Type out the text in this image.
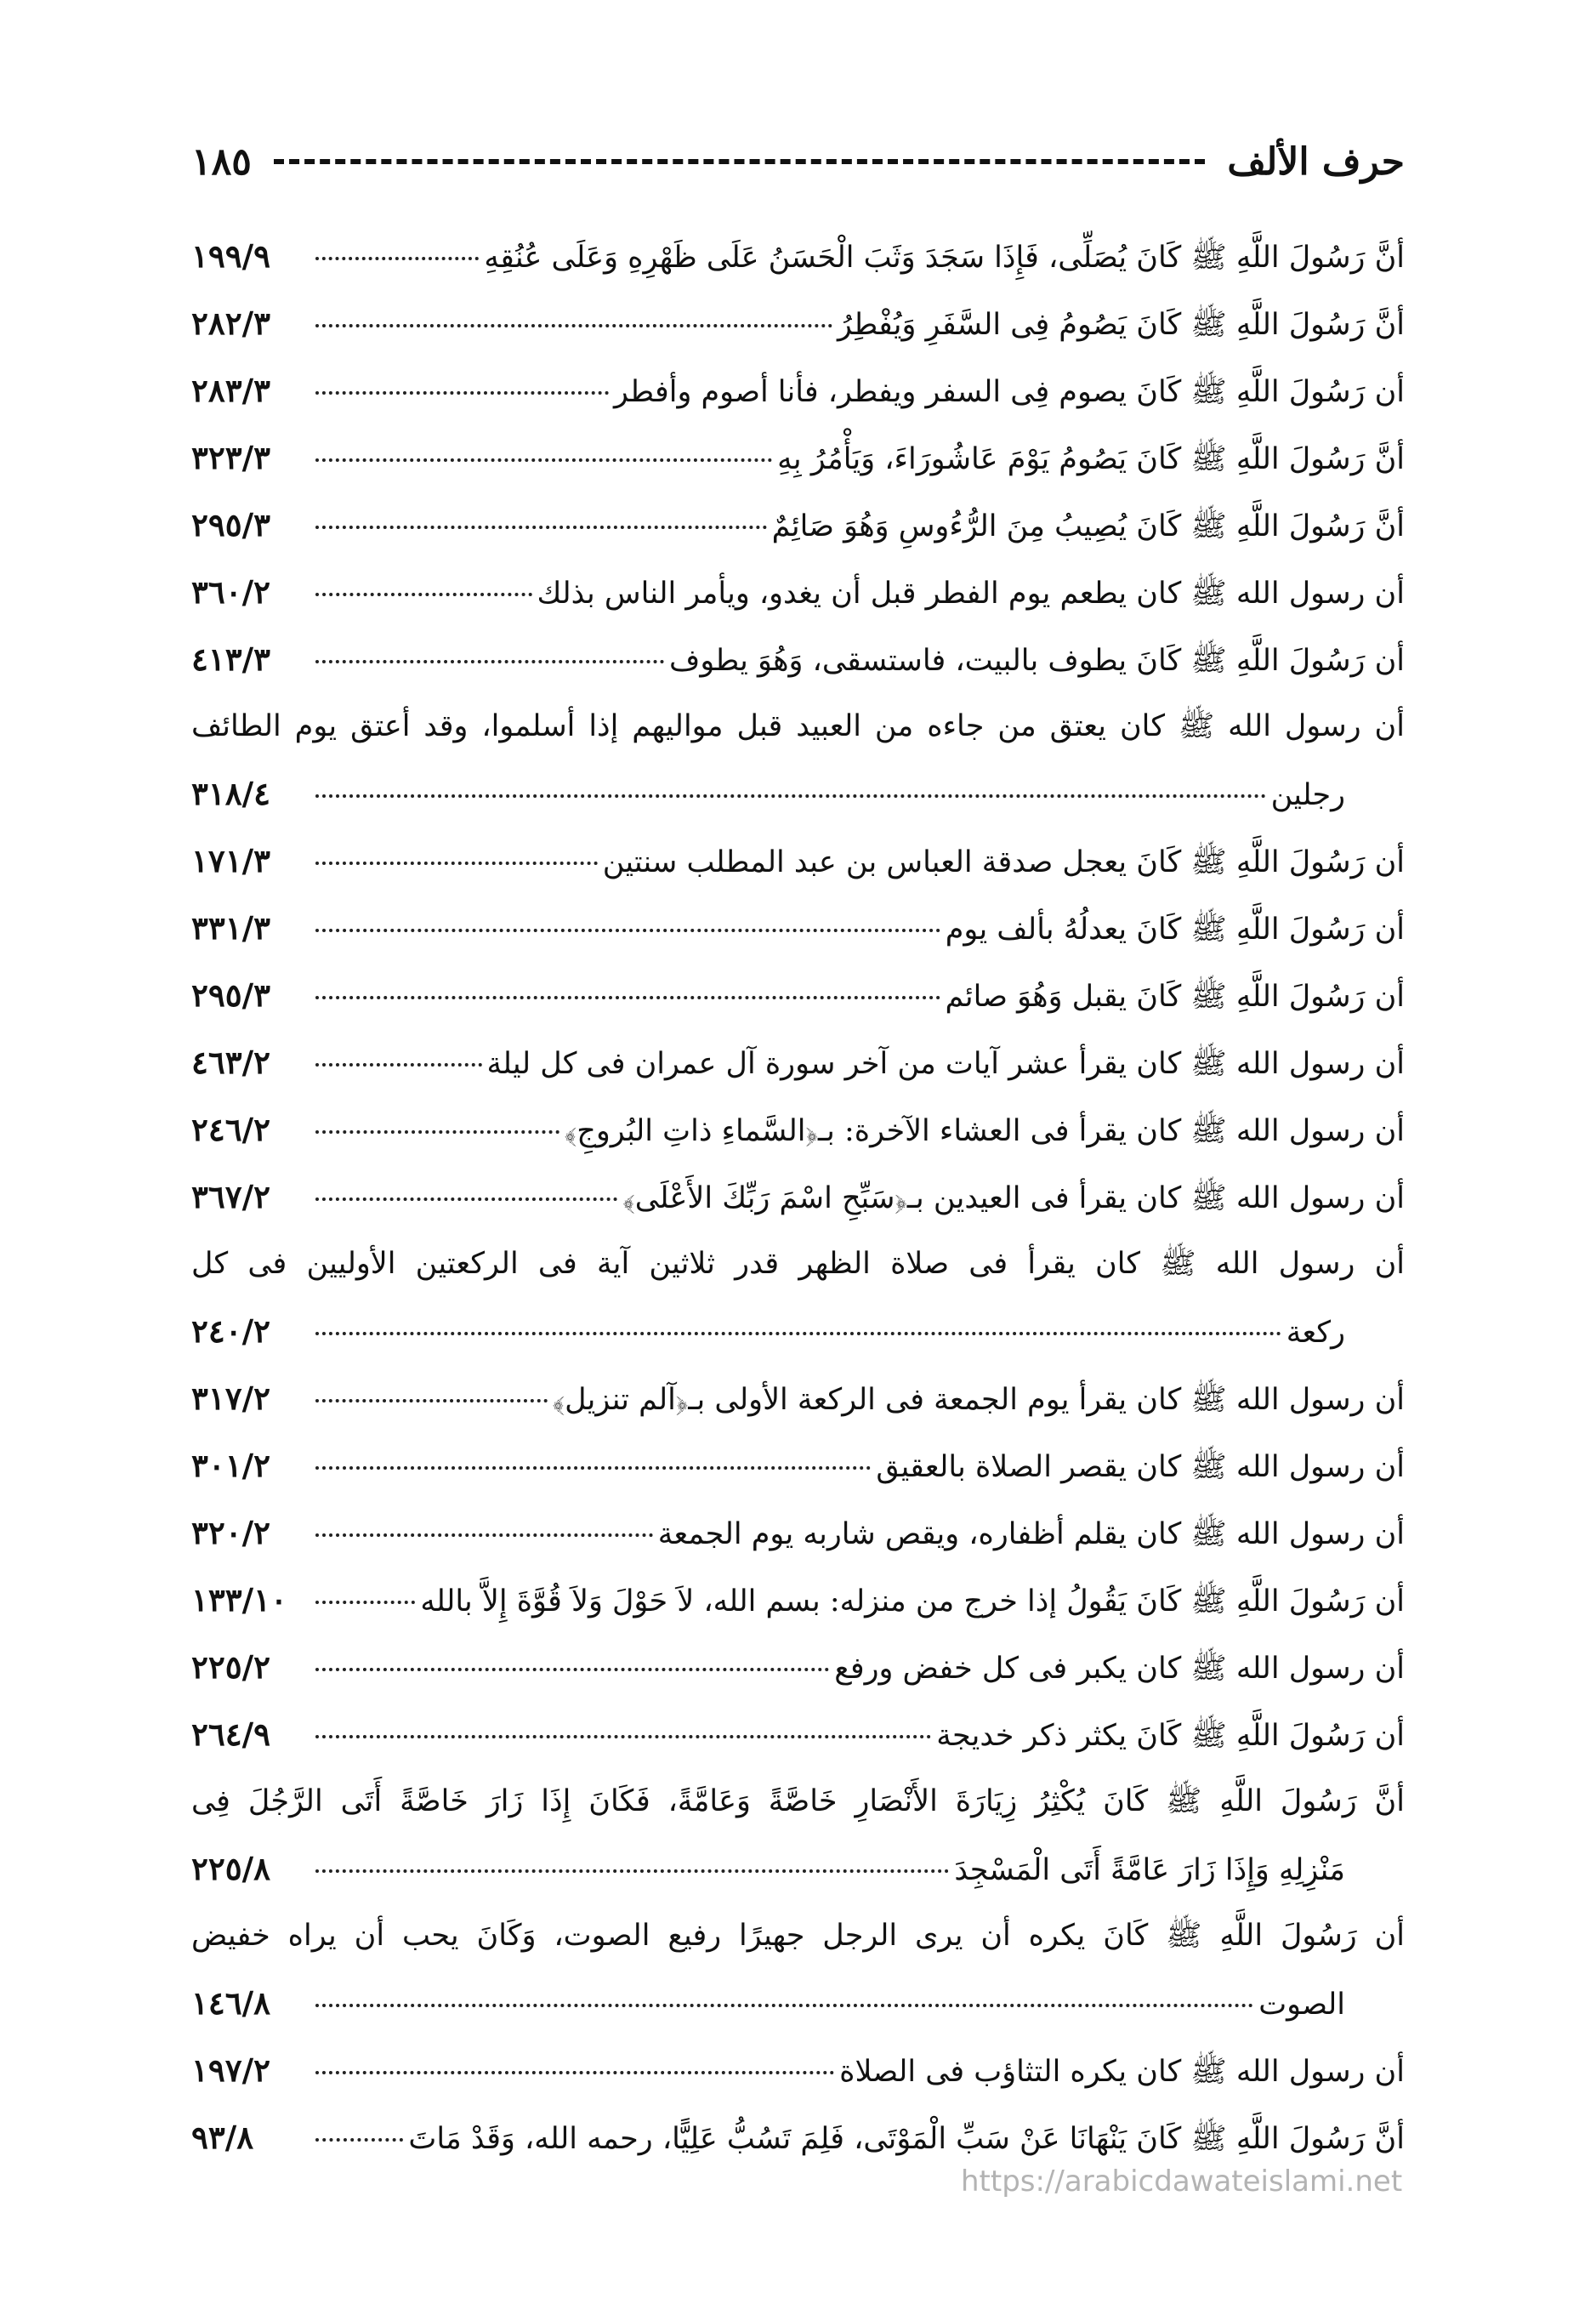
حرف الألف
١٨٥
أنَّ رَسُولَ اللَّهِ ﷺ كَانَ يُصَلِّى، فَإِذَا سَجَدَ وَثَبَ الْحَسَنُ عَلَى ظَهْرِهِ وَعَلَى عُنُقِهِ
١٩٩/٩
أنَّ رَسُولَ اللَّهِ ﷺ كَانَ يَصُومُ فِى السَّفَرِ وَيُفْطِرُ
٢٨٢/٣
أن رَسُولَ اللَّهِ ﷺ كَانَ يصوم فِى السفر ويفطر، فأنا أصوم وأفطر
٢٨٣/٣
أنَّ رَسُولَ اللَّهِ ﷺ كَانَ يَصُومُ يَوْمَ عَاشُورَاءَ، وَيَأْمُرُ بِهِ
٣٢٣/٣
أنَّ رَسُولَ اللَّهِ ﷺ كَانَ يُصِيبُ مِنَ الرُّءُوسِ وَهُوَ صَائِمٌ
٢٩٥/٣
أن رسول الله ﷺ كان يطعم يوم الفطر قبل أن يغدو، ويأمر الناس بذلك
٣٦٠/٢
أن رَسُولَ اللَّهِ ﷺ كَانَ يطوف بالبيت، فاستسقى، وَهُوَ يطوف
٤١٣/٣
أن رسول الله ﷺ كان يعتق من جاءه من العبيد قبل مواليهم إذا أسلموا، وقد أعتق يوم الطائف
رجلين
٣١٨/٤
أن رَسُولَ اللَّهِ ﷺ كَانَ يعجل صدقة العباس بن عبد المطلب سنتين
١٧١/٣
أن رَسُولَ اللَّهِ ﷺ كَانَ يعدلُهُ بألف يوم
٣٣١/٣
أن رَسُولَ اللَّهِ ﷺ كَانَ يقبل وَهُوَ صائم
٢٩٥/٣
أن رسول الله ﷺ كان يقرأ عشر آيات من آخر سورة آل عمران فى كل ليلة
٤٦٣/٢
أن رسول الله ﷺ كان يقرأ فى العشاء الآخرة: بـ﴿السَّماءِ ذاتِ البُروجِ﴾
٢٤٦/٢
أن رسول الله ﷺ كان يقرأ فى العيدين بـ﴿سَبِّحِ اسْمَ رَبِّكَ الأَعْلَى﴾
٣٦٧/٢
أن رسول الله ﷺ كان يقرأ فى صلاة الظهر قدر ثلاثين آية فى الركعتين الأوليين فى كل
ركعة
٢٤٠/٢
أن رسول الله ﷺ كان يقرأ يوم الجمعة فى الركعة الأولى بـ﴿آلم تنزيل﴾
٣١٧/٢
أن رسول الله ﷺ كان يقصر الصلاة بالعقيق
٣٠١/٢
أن رسول الله ﷺ كان يقلم أظفاره، ويقص شاربه يوم الجمعة
٣٢٠/٢
أن رَسُولَ اللَّهِ ﷺ كَانَ يَقُولُ إذا خرج من منزله: بسم الله، لاَ حَوْلَ وَلاَ قُوَّةَ إِلاَّ بالله
١٣٣/١٠
أن رسول الله ﷺ كان يكبر فى كل خفض ورفع
٢٢٥/٢
أن رَسُولَ اللَّهِ ﷺ كَانَ يكثر ذكر خديجة
٢٦٤/٩
أنَّ رَسُولَ اللَّهِ ﷺ كَانَ يُكْثِرُ زِيَارَةَ الأَنْصَارِ خَاصَّةً وَعَامَّةً، فَكَانَ إِذَا زَارَ خَاصَّةً أَتَى الرَّجُلَ فِى
مَنْزِلِهِ وَإِذَا زَارَ عَامَّةً أَتَى الْمَسْجِدَ
٢٢٥/٨
أن رَسُولَ اللَّهِ ﷺ كَانَ يكره أن يرى الرجل جهيرًا رفيع الصوت، وَكَانَ يحب أن يراه خفيض
الصوت
١٤٦/٨
أن رسول الله ﷺ كان يكره التثاؤب فى الصلاة
١٩٧/٢
أنَّ رَسُولَ اللَّهِ ﷺ كَانَ يَنْهَانَا عَنْ سَبِّ الْمَوْتَى، فَلِمَ تَسُبُّ عَلِيًّا، رحمه الله، وَقَدْ مَاتَ
٩٣/٨
https://arabicdawateislami.net
